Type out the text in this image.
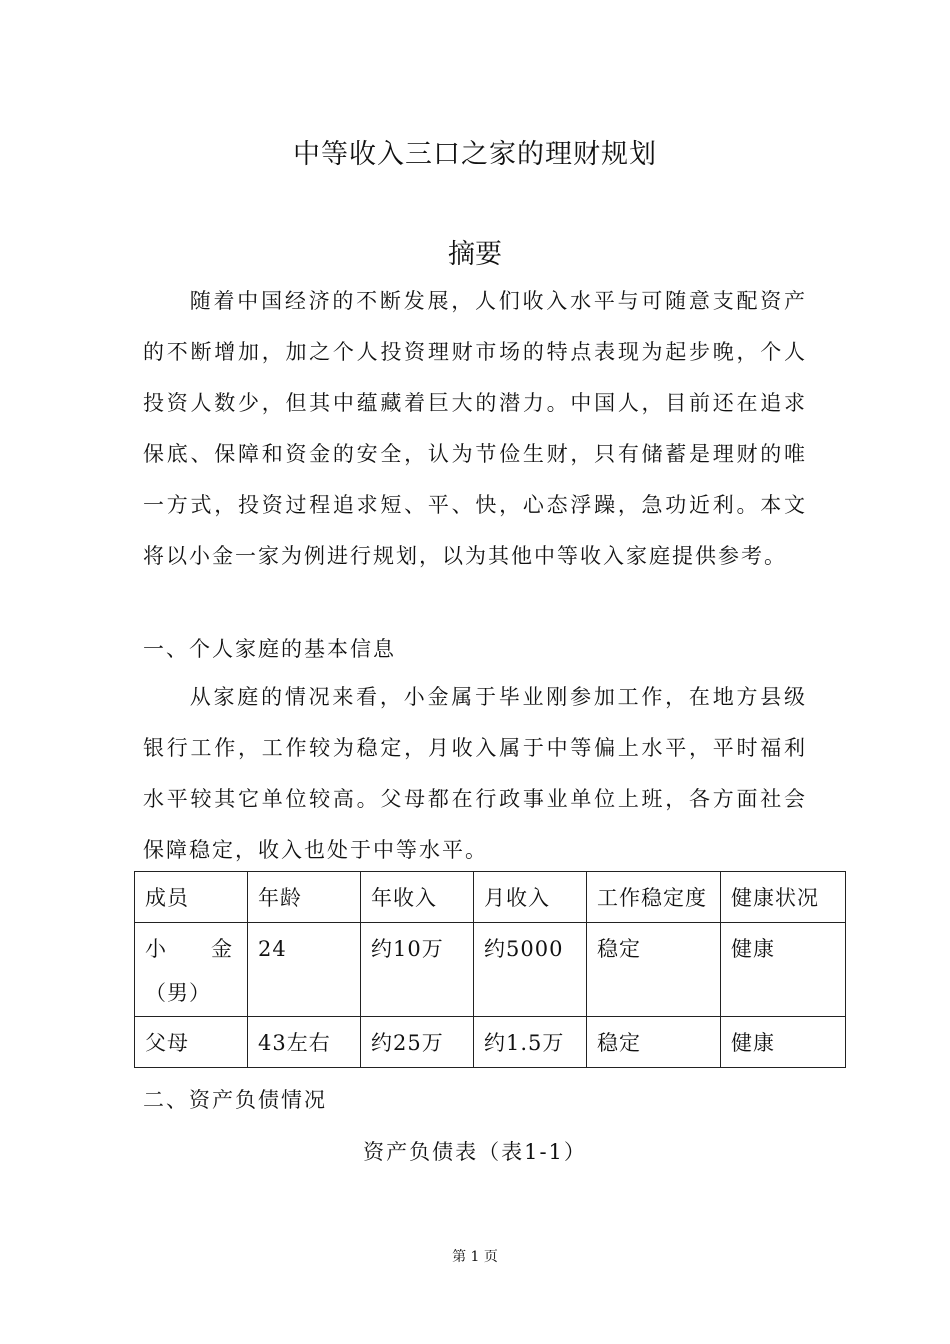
中等收入三口之家的理财规划
摘要
随着中国经济的不断发展，人们收入水平与可随意支配资产的不断增加，加之个人投资理财市场的特点表现为起步晚，个人投资人数少，但其中蕴藏着巨大的潜力。中国人，目前还在追求保底、保障和资金的安全，认为节俭生财，只有储蓄是理财的唯一方式，投资过程追求短、平、快，心态浮躁，急功近利。本文将以小金一家为例进行规划，以为其他中等收入家庭提供参考。
一、个人家庭的基本信息
从家庭的情况来看，小金属于毕业刚参加工作，在地方县级银行工作，工作较为稳定，月收入属于中等偏上水平，平时福利水平较其它单位较高。父母都在行政事业单位上班，各方面社会保障稳定，收入也处于中等水平。
成员	年龄	年收入	月收入	工作稳定度	健康状况
小　　金（男）	24	约10万	约5000	稳定	健康
父母	43左右	约25万	约1.5万	稳定	健康
二、资产负债情况
资产负债表（表1-1）
第 1 页
